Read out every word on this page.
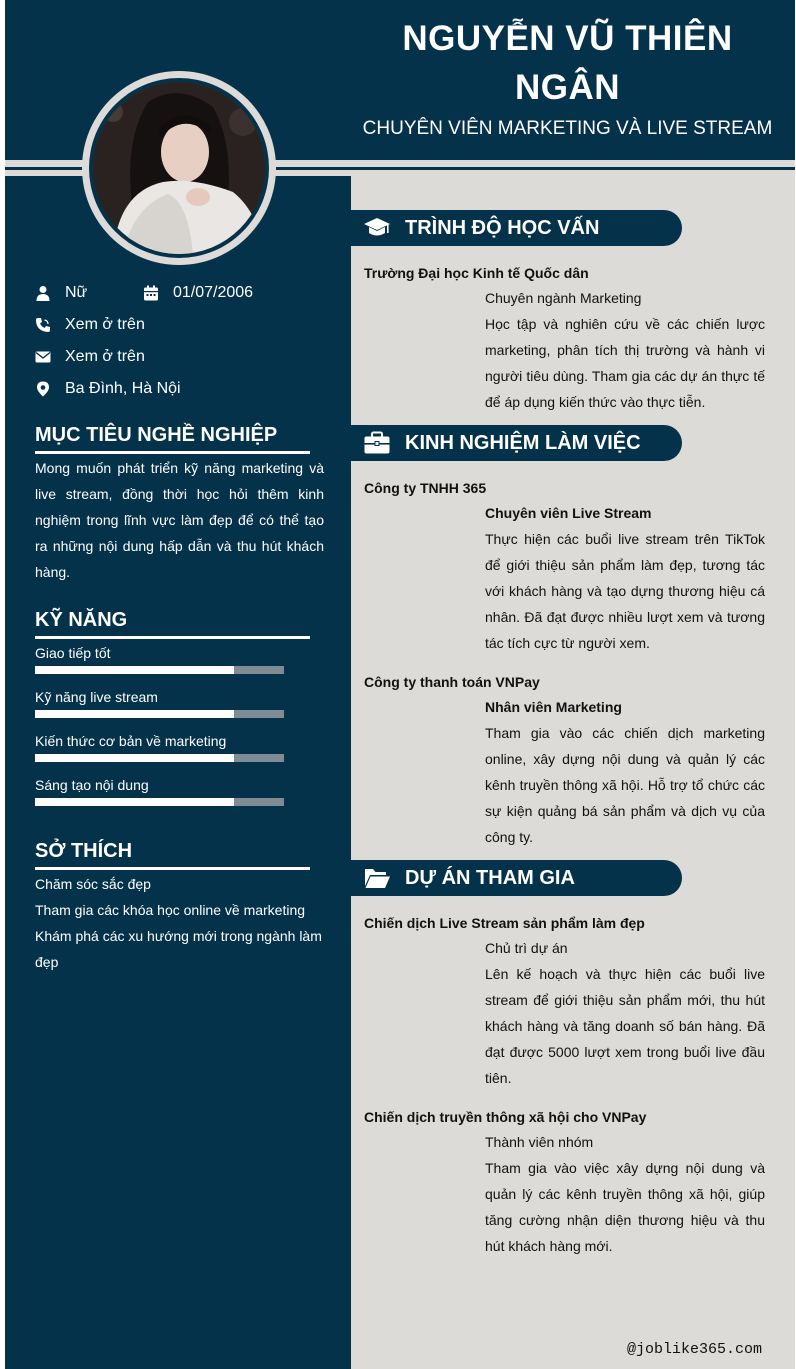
NGUYỄN VŨ THIÊN
NGÂN
CHUYÊN VIÊN MARKETING VÀ LIVE STREAM
Nữ	01/07/2006
Xem ở trên
Xem ở trên
Ba Đình, Hà Nội
MỤC TIÊU NGHỀ NGHIỆP
Mong muốn phát triển kỹ năng marketing và live stream, đồng thời học hỏi thêm kinh nghiệm trong lĩnh vực làm đẹp để có thể tạo ra những nội dung hấp dẫn và thu hút khách hàng.
KỸ NĂNG
Giao tiếp tốt
Kỹ năng live stream
Kiến thức cơ bản về marketing
Sáng tạo nội dung
SỞ THÍCH
Chăm sóc sắc đẹp
Tham gia các khóa học online về marketing
Khám phá các xu hướng mới trong ngành làm đẹp
TRÌNH ĐỘ HỌC VẤN
Trường Đại học Kinh tế Quốc dân
Chuyên ngành Marketing
Học tập và nghiên cứu về các chiến lược marketing, phân tích thị trường và hành vi người tiêu dùng. Tham gia các dự án thực tế để áp dụng kiến thức vào thực tiễn.
KINH NGHIỆM LÀM VIỆC
Công ty TNHH 365
Chuyên viên Live Stream
Thực hiện các buổi live stream trên TikTok để giới thiệu sản phẩm làm đẹp, tương tác với khách hàng và tạo dựng thương hiệu cá nhân. Đã đạt được nhiều lượt xem và tương tác tích cực từ người xem.
Công ty thanh toán VNPay
Nhân viên Marketing
Tham gia vào các chiến dịch marketing online, xây dựng nội dung và quản lý các kênh truyền thông xã hội. Hỗ trợ tổ chức các sự kiện quảng bá sản phẩm và dịch vụ của công ty.
DỰ ÁN THAM GIA
Chiến dịch Live Stream sản phẩm làm đẹp
Chủ trì dự án
Lên kế hoạch và thực hiện các buổi live stream để giới thiệu sản phẩm mới, thu hút khách hàng và tăng doanh số bán hàng. Đã đạt được 5000 lượt xem trong buổi live đầu tiên.
Chiến dịch truyền thông xã hội cho VNPay
Thành viên nhóm
Tham gia vào việc xây dựng nội dung và quản lý các kênh truyền thông xã hội, giúp tăng cường nhận diện thương hiệu và thu hút khách hàng mới.
@joblike365.com
